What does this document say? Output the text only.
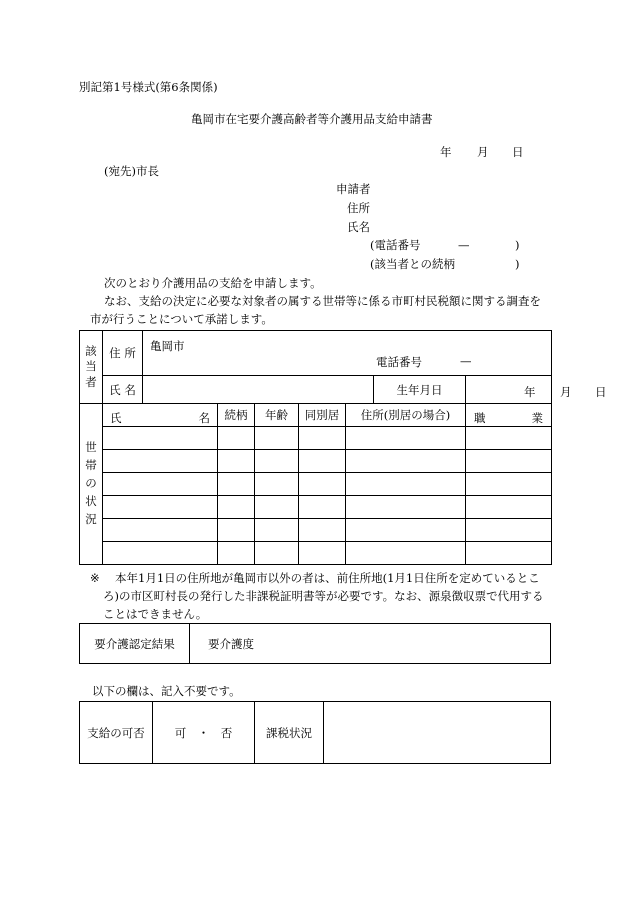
別記第1号様式(第6条関係)
亀岡市在宅要介護高齢者等介護用品支給申請書
年 月 日
(宛先)市長
申請者
住所
氏名
(電話番号	—	)
(該当者との続柄	)
次のとおり介護用品の支給を申請します。
なお、支給の決定に必要な対象者の属する世帯等に係る市町村民税額に関する調査を
市が行うことについて承諾します。
該当者	住 所	亀岡市
電話番号 —						

	氏 名						生年月日	年 月 日

世帯の状況	氏 名		続柄	年齢	同別居	住所(別居の場合)		職 業

※ 本年1月1日の住所地が亀岡市以外の者は、前住所地(1月1日住所を定めているとこ
ろ)の市区町村長の発行した非課税証明書等が必要です。なお、源泉徴収票で代用する
ことはできません。
要介護認定結果	要介護度
以下の欄は、記入不要です。
支給の可否	可　・　否	課税状況	
